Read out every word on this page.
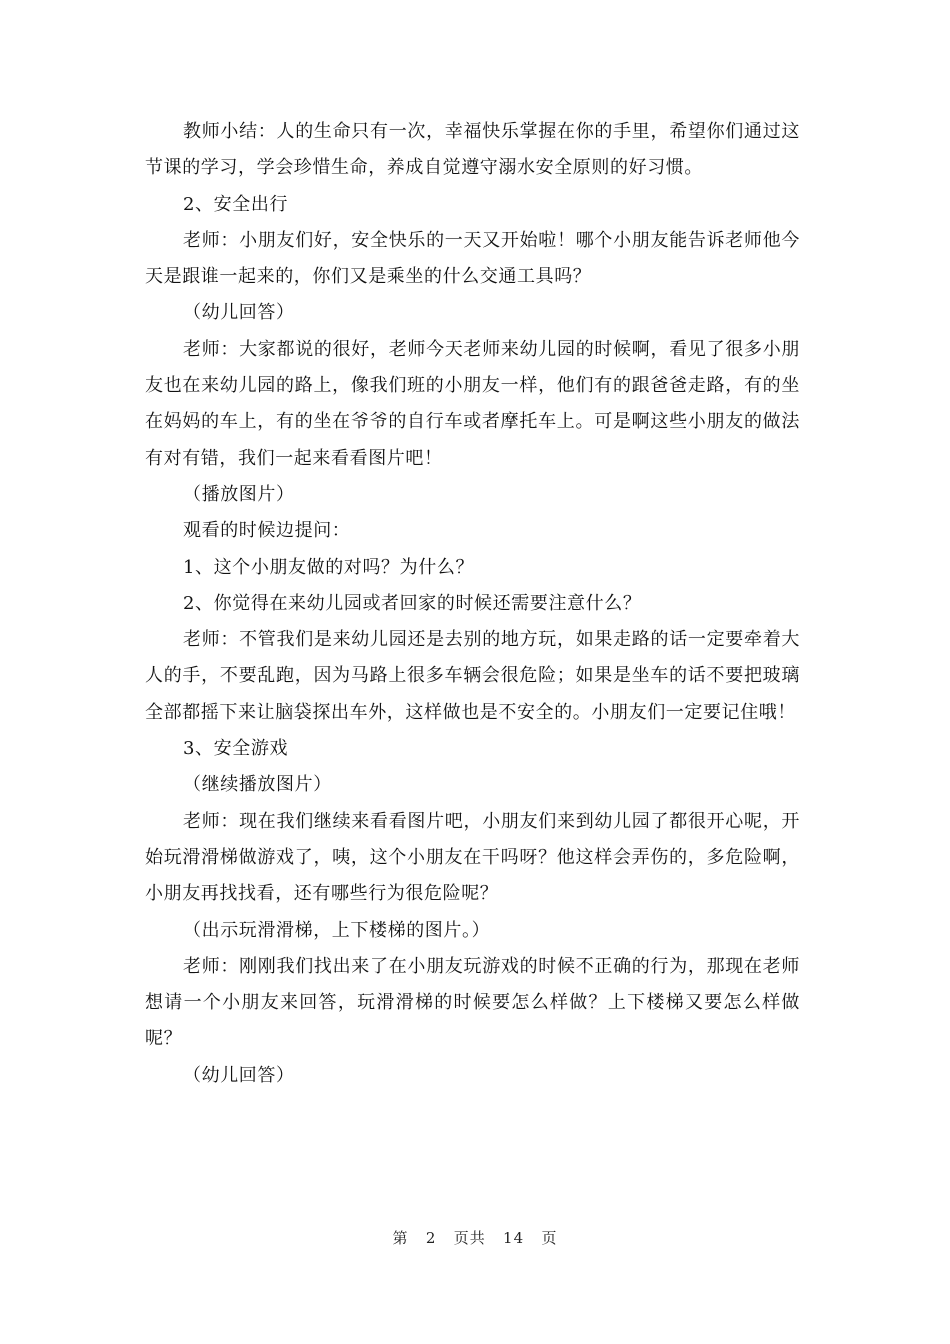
教师小结：人的生命只有一次，幸福快乐掌握在你的手里，希望你们通过这节课的学习，学会珍惜生命，养成自觉遵守溺水安全原则的好习惯。

2、安全出行

老师：小朋友们好，安全快乐的一天又开始啦！哪个小朋友能告诉老师他今天是跟谁一起来的，你们又是乘坐的什么交通工具吗？

（幼儿回答）

老师：大家都说的很好，老师今天老师来幼儿园的时候啊，看见了很多小朋友也在来幼儿园的路上，像我们班的小朋友一样，他们有的跟爸爸走路，有的坐在妈妈的车上，有的坐在爷爷的自行车或者摩托车上。可是啊这些小朋友的做法有对有错，我们一起来看看图片吧！

（播放图片）

观看的时候边提问：

1、这个小朋友做的对吗？为什么？

2、你觉得在来幼儿园或者回家的时候还需要注意什么？

老师：不管我们是来幼儿园还是去别的地方玩，如果走路的话一定要牵着大人的手，不要乱跑，因为马路上很多车辆会很危险；如果是坐车的话不要把玻璃全部都摇下来让脑袋探出车外，这样做也是不安全的。小朋友们一定要记住哦！

3、安全游戏

（继续播放图片）

老师：现在我们继续来看看图片吧，小朋友们来到幼儿园了都很开心呢，开始玩滑滑梯做游戏了，咦，这个小朋友在干吗呀？他这样会弄伤的，多危险啊，小朋友再找找看，还有哪些行为很危险呢？

（出示玩滑滑梯，上下楼梯的图片。）

老师：刚刚我们找出来了在小朋友玩游戏的时候不正确的行为，那现在老师想请一个小朋友来回答，玩滑滑梯的时候要怎么样做？上下楼梯又要怎么样做呢？

（幼儿回答）

第 2 页共 14 页
